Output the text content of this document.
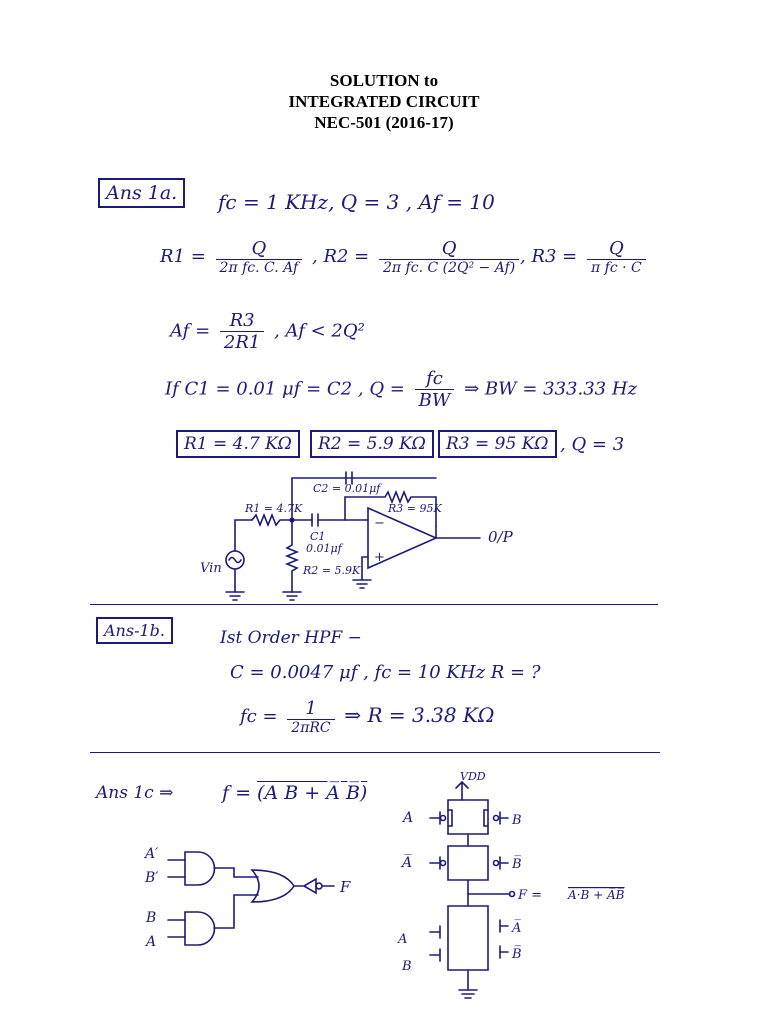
SOLUTION to
INTEGRATED CIRCUIT
NEC-501 (2016-17)
Ans 1a.	fc = 1 KHz, Q = 3 , Af = 10
$R1 = \frac{Q}{\text{2π fc. C. Af}}$ , $R2 = \frac{Q}{\text{2π fc. C (2Q² − Af)}}$ , $R3 = \frac{Q}{\text{π fc · C}}$
$Af = \frac{R3}{2R1}$ , Af < 2Q²
If C1 = 0.01 μf = C2 , $Q = \frac{fc}{BW}$ ⇒ BW = 333.33 Hz
R1 = 4.7 KΩ	R2 = 5.9 KΩ	R3 = 95 KΩ , Q = 3
C2 = 0.01μf
R1 = 4.7K	R3 = 95K
C1
0.01μf
R2 = 5.9K
Vin
−
+
0/P
Ans-1b.	Ist Order HPF −
C = 0.0047 μf , fc = 10 KHz R = ?
fc = $\frac{1}{\text{2πRC}}$ ⇒ R = 3.38 KΩ
Ans 1c ⇒	f = (A B + A̅ B̅)
A′
B′
B
A
F
VDD
A	B
A̅	B̅
F = A·B + A̅B̅
A
B
A̅
B̅
